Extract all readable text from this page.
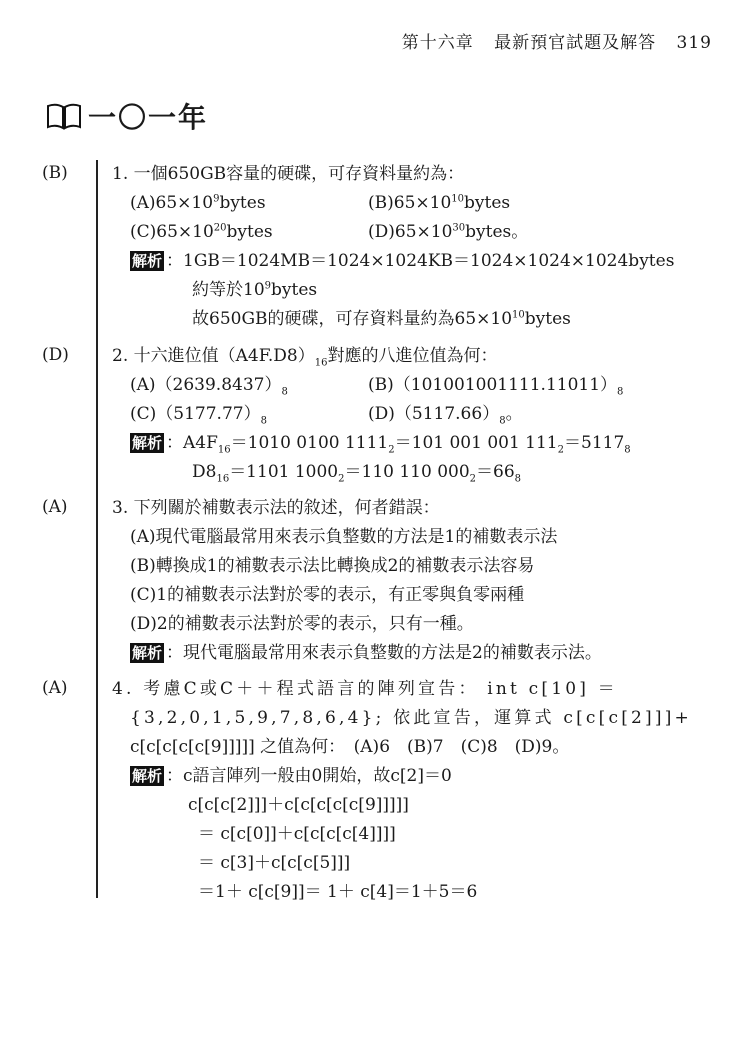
第十六章 最新預官試題及解答 319
一〇一年
(B)	1. 一個650GB容量的硬碟，可存資料量約為：
$(A)65\times 10^9bytes$	$(B)65\times 10^{10}bytes$
$(C)65\times 10^{20}bytes$	$(D)65\times 10^{30}bytes$。
解析 ：1GB＝1024MB＝1024×1024KB＝1024×1024×1024bytes
約等於$10^9bytes$
故650GB的硬碟，可存資料量約為$65\times 10^{10}bytes$
(D)	2. 十六進位值$(A4F.D8)_{16}$對應的八進位值為何：
$(A)(2639.8437)_8$	$(B)(101001001111.11011)_8$
$(C)(5177.77)_8$	$(D)(5117.66)_8$。
解析 ：$A4F_{16}=1010$ 0100 $1111_2=101$ 001 001 $111_2=5117_8$
$D8_{16}=1101$ $1000_2=110$ 110 $000_2=66_8$
(A)	3. 下列關於補數表示法的敘述，何者錯誤：
(A)現代電腦最常用來表示負整數的方法是1的補數表示法
(B)轉換成1的補數表示法比轉換成2的補數表示法容易
(C)1的補數表示法對於零的表示，有正零與負零兩種
(D)2的補數表示法對於零的表示，只有一種。
解析 ：現代電腦最常用來表示負整數的方法是2的補數表示法。
(A)	4. 考慮C或C＋＋程式語言的陣列宣告： int c[10] ＝
{3,2,0,1,5,9,7,8,6,4}; 依此宣告，運算式 c[c[c[2]]]+
c[c[c[c[c[9]]]]] 之值為何：　(A)6　(B)7　(C)8　(D)9。
解析 ：c語言陣列一般由0開始，故c[2]＝0
c[c[c[2]]]＋c[c[c[c[c[9]]]]]
＝ c[c[0]]＋c[c[c[c[4]]]]
＝ c[3]＋c[c[c[5]]]
＝1＋ c[c[9]]＝ 1＋ c[4]＝1＋5＝6
